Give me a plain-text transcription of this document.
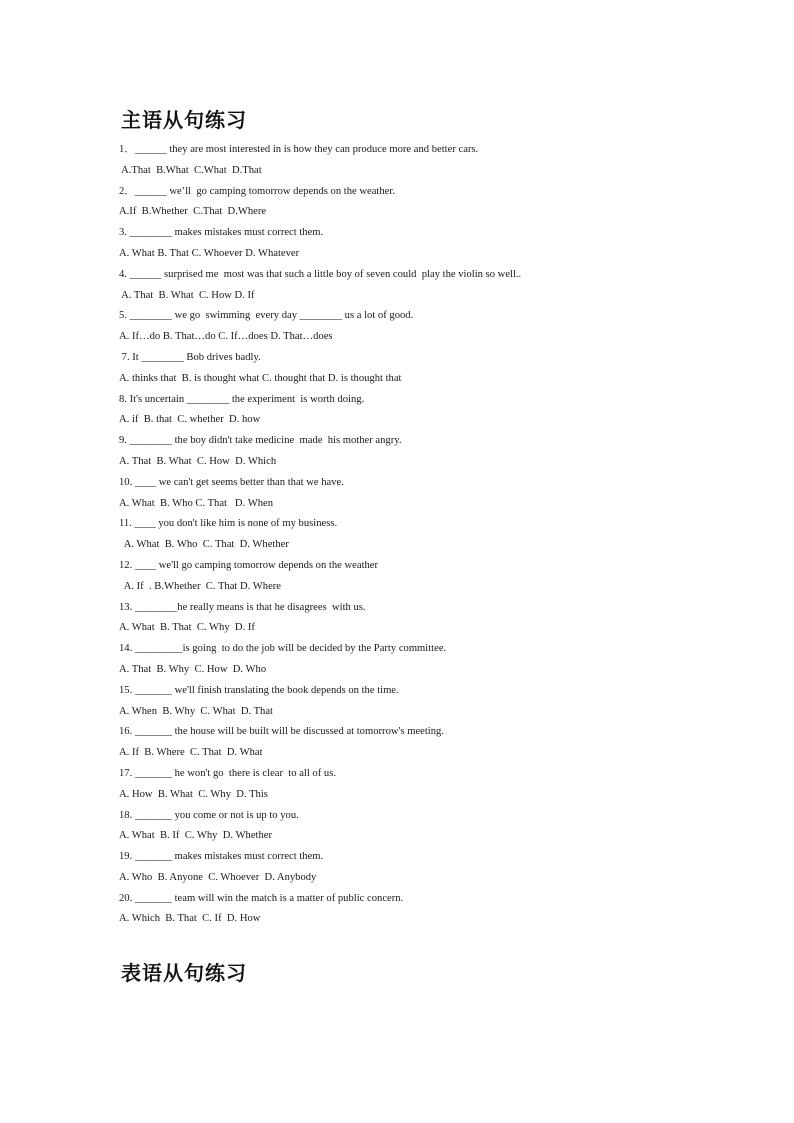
主语从句练习
1．______ they are most interested in is how they can produce more and better cars.
A.That  B.What  C.What  D.That
2．______ we’ll  go camping tomorrow depends on the weather.
A.If  B.Whether  C.That  D.Where
3. ________ makes mistakes must correct them.
A. What B. That C. Whoever D. Whatever
4. ______ surprised me  most was that such a little boy of seven could  play the violin so well..
A. That  B. What  C. How D. If
5. ________ we go  swimming  every day ________ us a lot of good.
A. If…do B. That…do C. If…does D. That…does
7. It ________ Bob drives badly.
A. thinks that  B. is thought what C. thought that D. is thought that
8. It's uncertain ________ the experiment  is worth doing.
A. if  B. that  C. whether  D. how
9. ________ the boy didn't take medicine  made  his mother angry.
A. That  B. What  C. How  D. Which
10. ____ we can't get seems better than that we have.
A. What  B. Who C. That   D. When
11. ____ you don't like him is none of my business.
A. What  B. Who  C. That  D. Whether
12. ____ we'll go camping tomorrow depends on the weather
A. If  . B.Whether  C. That D. Where
13. ________he really means is that he disagrees  with us.
A. What  B. That  C. Why  D. If
14. _________is going  to do the job will be decided by the Party committee.
A. That  B. Why  C. How  D. Who
15. _______ we'll finish translating the book depends on the time.
A. When  B. Why  C. What  D. That
16. _______ the house will be built will be discussed at tomorrow's meeting.
A. If  B. Where  C. That  D. What
17. _______ he won't go  there is clear  to all of us.
A. How  B. What  C. Why  D. This
18. _______ you come or not is up to you.
A. What  B. If  C. Why  D. Whether
19. _______ makes mistakes must correct them.
A. Who  B. Anyone  C. Whoever  D. Anybody
20. _______ team will win the match is a matter of public concern.
A. Which  B. That  C. If  D. How
表语从句练习
